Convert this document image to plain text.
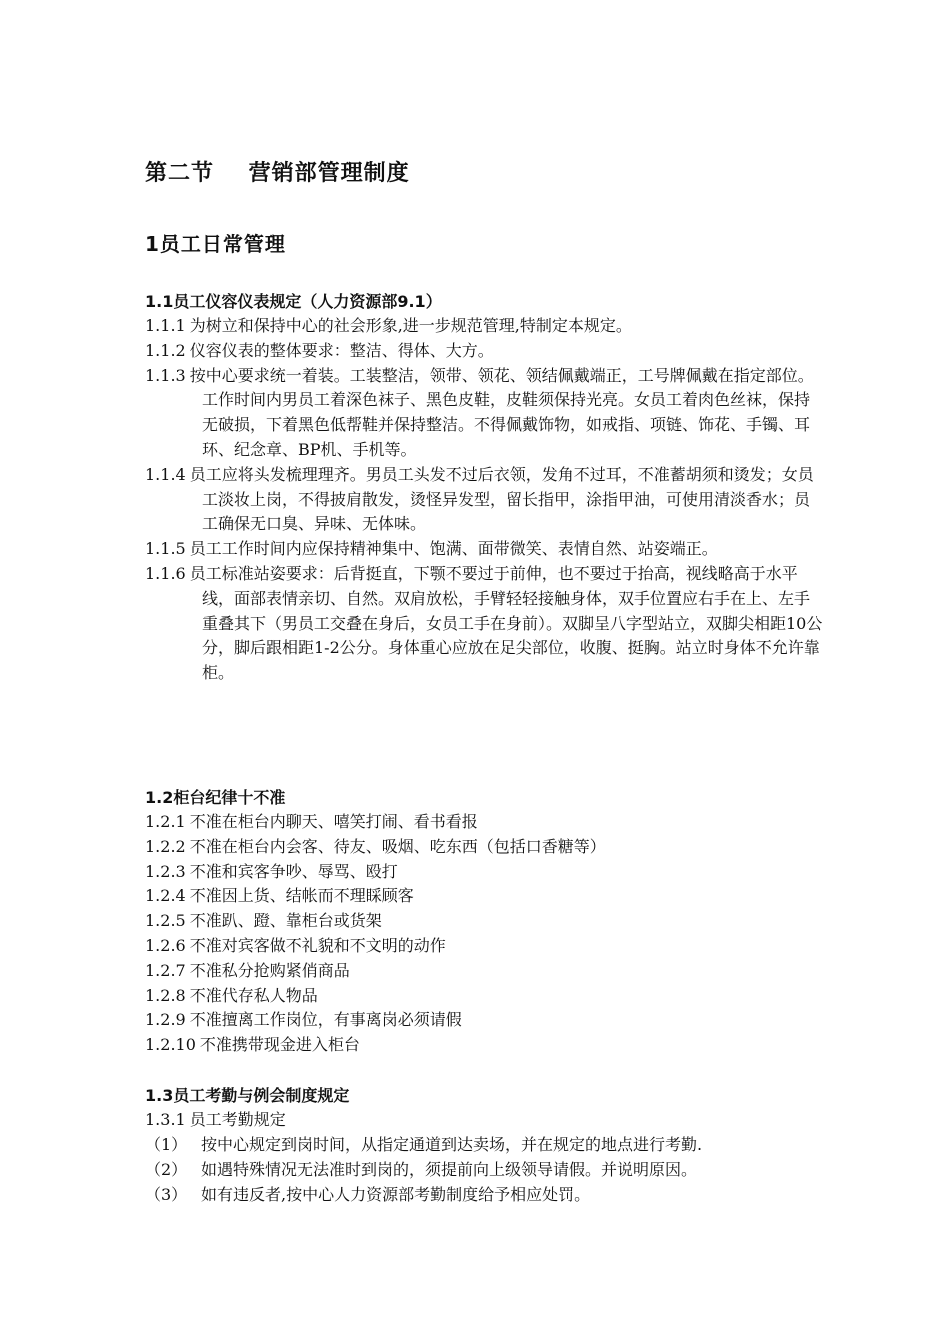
第二节    营销部管理制度
1员工日常管理
1.1员工仪容仪表规定（人力资源部9.1）

1.1.1 为树立和保持中心的社会形象,进一步规范管理,特制定本规定。

1.1.2 仪容仪表的整体要求：整洁、得体、大方。

1.1.3 按中心要求统一着装。工装整洁，领带、领花、领结佩戴端正，工号牌佩戴在指定部位。工作时间内男员工着深色袜子、黑色皮鞋，皮鞋须保持光亮。女员工着肉色丝袜，保持无破损，下着黑色低帮鞋并保持整洁。不得佩戴饰物，如戒指、项链、饰花、手镯、耳环、纪念章、BP机、手机等。

1.1.4 员工应将头发梳理理齐。男员工头发不过后衣领，发角不过耳，不准蓄胡须和烫发；女员工淡妆上岗，不得披肩散发，烫怪异发型，留长指甲，涂指甲油，可使用清淡香水；员工确保无口臭、异味、无体味。

1.1.5 员工工作时间内应保持精神集中、饱满、面带微笑、表情自然、站姿端正。

1.1.6 员工标准站姿要求：后背挺直，下颚不要过于前伸，也不要过于抬高，视线略高于水平线，面部表情亲切、自然。双肩放松，手臂轻轻接触身体，双手位置应右手在上、左手重叠其下（男员工交叠在身后，女员工手在身前）。双脚呈八字型站立，双脚尖相距10公分，脚后跟相距1-2公分。身体重心应放在足尖部位，收腹、挺胸。站立时身体不允许靠柜。

1.2柜台纪律十不准

1.2.1 不准在柜台内聊天、嘻笑打闹、看书看报

1.2.2 不准在柜台内会客、待友、吸烟、吃东西（包括口香糖等）

1.2.3 不准和宾客争吵、辱骂、殴打

1.2.4 不准因上货、结帐而不理睬顾客

1.2.5 不准趴、蹬、靠柜台或货架

1.2.6 不准对宾客做不礼貌和不文明的动作

1.2.7 不准私分抢购紧俏商品

1.2.8 不准代存私人物品

1.2.9 不准擅离工作岗位，有事离岗必须请假

1.2.10 不准携带现金进入柜台

1.3员工考勤与例会制度规定

1.3.1 员工考勤规定

（1） 按中心规定到岗时间，从指定通道到达卖场，并在规定的地点进行考勤.

（2） 如遇特殊情况无法准时到岗的，须提前向上级领导请假。并说明原因。

（3） 如有违反者,按中心人力资源部考勤制度给予相应处罚。
